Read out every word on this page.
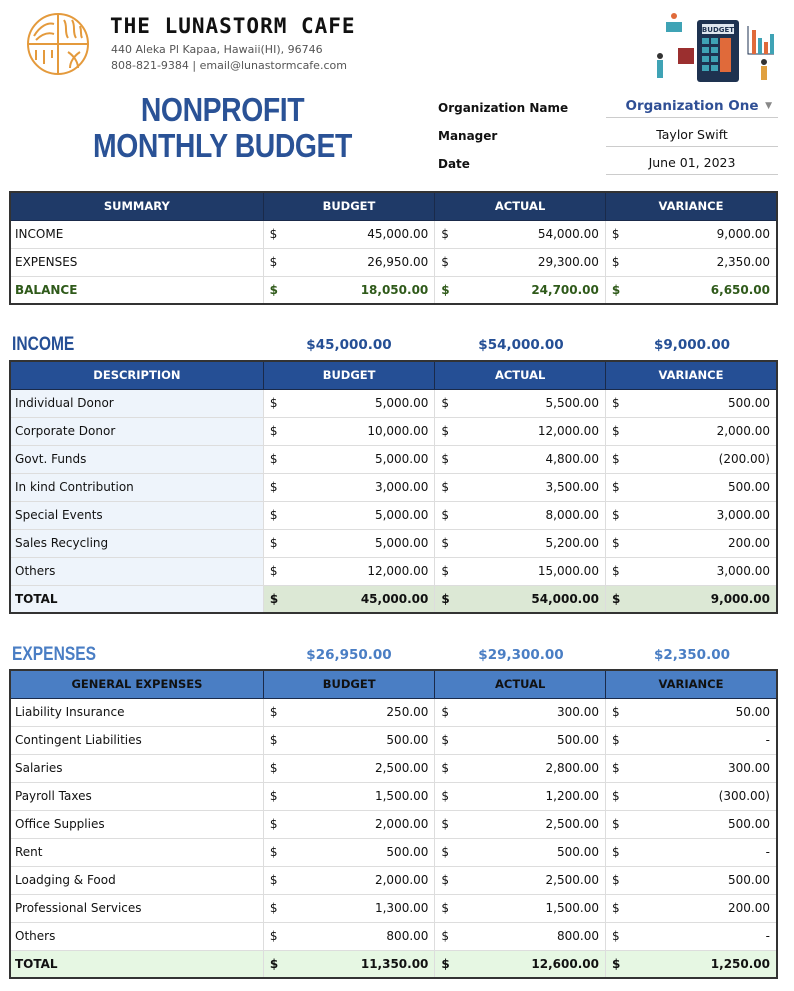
THE LUNASTORM CAFE
440 Aleka Pl Kapaa, Hawaii(HI), 96746
808-821-9384 | email@lunastormcafe.com
NONPROFIT MONTHLY BUDGET
BUDGET
Organization Name	Organization One ▼
Manager	Taylor Swift
Date	June 01, 2023
SUMMARY	BUDGET	ACTUAL	VARIANCE
INCOME	$ 45,000.00	$ 54,000.00	$ 9,000.00

EXPENSES	$ 26,950.00	$ 29,300.00	$ 2,350.00

BALANCE	$ 18,050.00	$ 24,700.00	$ 6,650.00
INCOME	$45,000.00	$54,000.00	$9,000.00
DESCRIPTION	BUDGET	ACTUAL	VARIANCE
Individual Donor	$ 5,000.00	$ 5,500.00	$ 500.00

Corporate Donor	$ 10,000.00	$ 12,000.00	$ 2,000.00

Govt. Funds	$ 5,000.00	$ 4,800.00	$ (200.00)

In kind Contribution	$ 3,000.00	$ 3,500.00	$ 500.00

Special Events	$ 5,000.00	$ 8,000.00	$ 3,000.00

Sales Recycling	$ 5,000.00	$ 5,200.00	$ 200.00

Others	$ 12,000.00	$ 15,000.00	$ 3,000.00

TOTAL	$ 45,000.00	$ 54,000.00	$ 9,000.00
EXPENSES	$26,950.00	$29,300.00	$2,350.00
GENERAL EXPENSES	BUDGET	ACTUAL	VARIANCE
Liability Insurance	$ 250.00	$ 300.00	$ 50.00

Contingent Liabilities	$ 500.00	$ 500.00	$ -

Salaries	$ 2,500.00	$ 2,800.00	$ 300.00

Payroll Taxes	$ 1,500.00	$ 1,200.00	$ (300.00)

Office Supplies	$ 2,000.00	$ 2,500.00	$ 500.00

Rent	$ 500.00	$ 500.00	$ -

Loadging & Food	$ 2,000.00	$ 2,500.00	$ 500.00

Professional Services	$ 1,300.00	$ 1,500.00	$ 200.00

Others	$ 800.00	$ 800.00	$ -

TOTAL	$ 11,350.00	$ 12,600.00	$ 1,250.00
